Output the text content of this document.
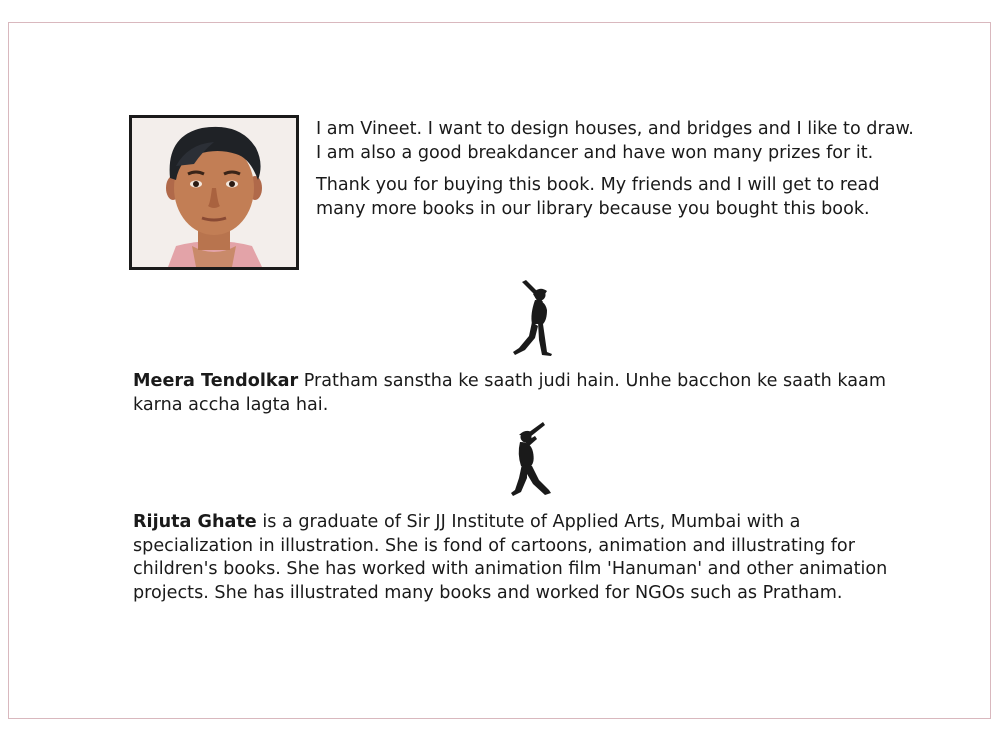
I am Vineet. I want to design houses, and bridges and I like to draw. I am also a good breakdancer and have won many prizes for it.

Thank you for buying this book. My friends and I will get to read many more books in our library because you bought this book.

Meera Tendolkar Pratham sanstha ke saath judi hain. Unhe bacchon ke saath kaam karna accha lagta hai.

Rijuta Ghate is a graduate of Sir JJ Institute of Applied Arts, Mumbai with a specialization in illustration. She is fond of cartoons, animation and illustrating for children's books. She has worked with animation film 'Hanuman' and other animation projects. She has illustrated many books and worked for NGOs such as Pratham.
